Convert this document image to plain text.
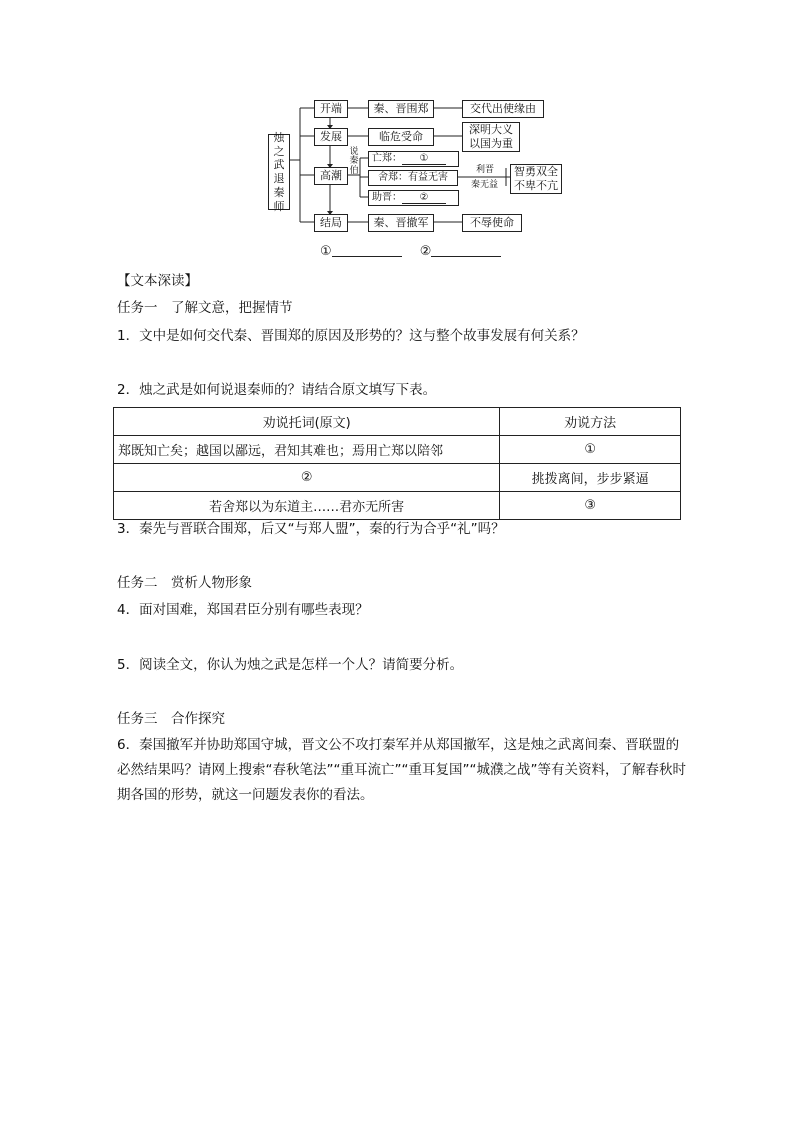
烛
之
武
退
秦
师
开端
发展
高潮
结局
秦、晋围郑	交代出使缘由
临危受命	深明大义
以国为重
说
秦
伯
亡郑：	①
舍郑：有益无害
助晋：	②
利晋
秦无益
智勇双全
不卑不亢
秦、晋撤军	不辱使命
①	②
【文本深读】
任务一　了解文意，把握情节
1．文中是如何交代秦、晋围郑的原因及形势的？这与整个故事发展有何关系？
2．烛之武是如何说退秦师的？请结合原文填写下表。
劝说托词(原文)	劝说方法
郑既知亡矣；越国以鄙远，君知其难也；焉用亡郑以陪邻	①
②	挑拨离间，步步紧逼
若舍郑以为东道主……君亦无所害	③
3．秦先与晋联合围郑，后又“与郑人盟”，秦的行为合乎“礼”吗？
任务二　赏析人物形象
4．面对国难，郑国君臣分别有哪些表现？
5．阅读全文，你认为烛之武是怎样一个人？请简要分析。
任务三　合作探究
6．秦国撤军并协助郑国守城，晋文公不攻打秦军并从郑国撤军，这是烛之武离间秦、晋联盟的必然结果吗？请网上搜索“春秋笔法”“重耳流亡”“重耳复国”“城濮之战”等有关资料，了解春秋时期各国的形势，就这一问题发表你的看法。
